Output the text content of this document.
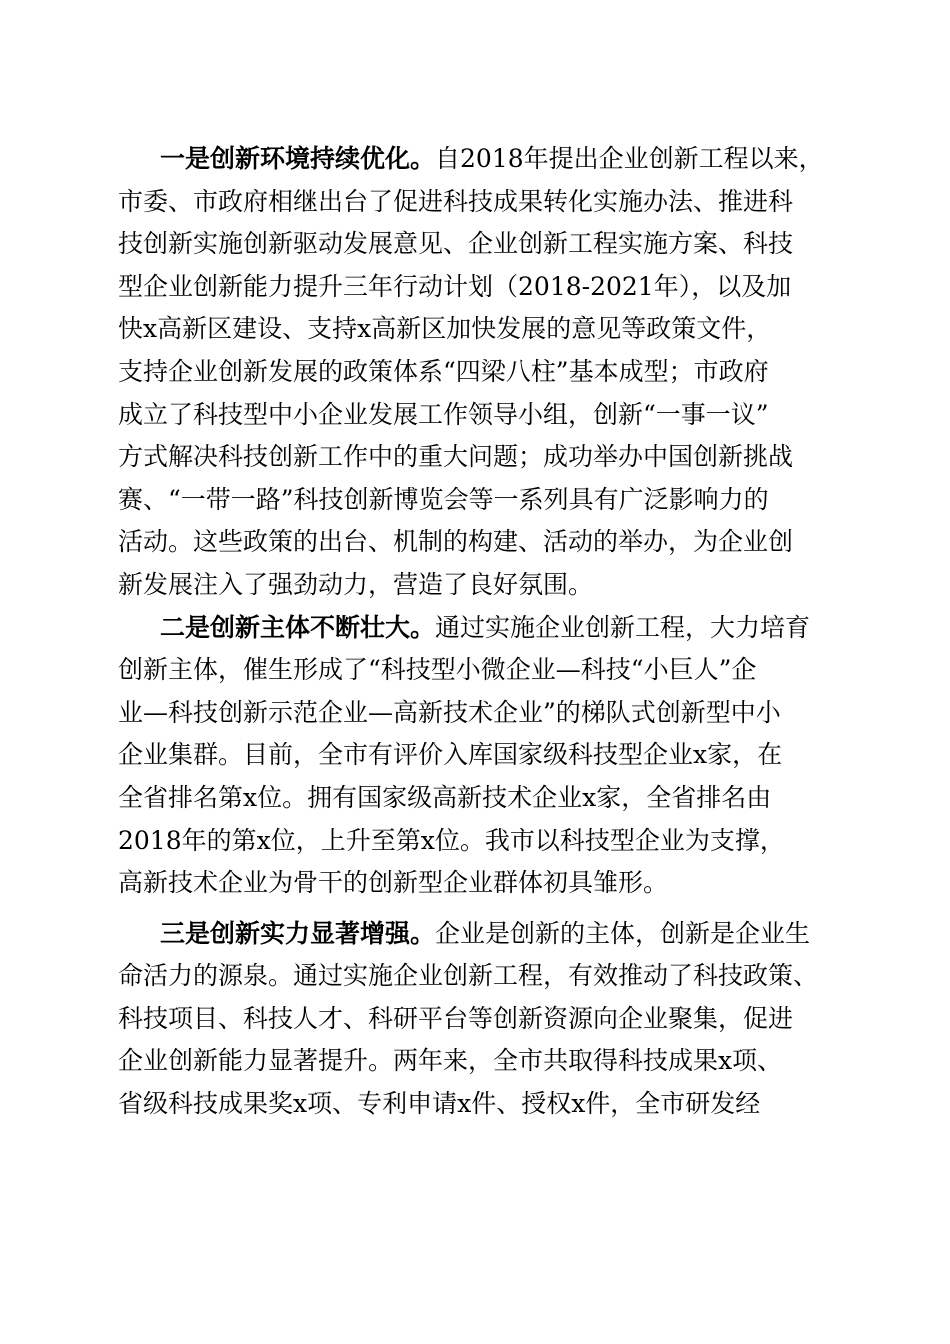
一是创新环境持续优化。自2018年提出企业创新工程以来，
市委、市政府相继出台了促进科技成果转化实施办法、推进科
技创新实施创新驱动发展意见、企业创新工程实施方案、科技
型企业创新能力提升三年行动计划（2018-2021年），以及加
快x高新区建设、支持x高新区加快发展的意见等政策文件，
支持企业创新发展的政策体系“四梁八柱”基本成型；市政府
成立了科技型中小企业发展工作领导小组，创新“一事一议”
方式解决科技创新工作中的重大问题；成功举办中国创新挑战
赛、“一带一路”科技创新博览会等一系列具有广泛影响力的
活动。这些政策的出台、机制的构建、活动的举办，为企业创
新发展注入了强劲动力，营造了良好氛围。
二是创新主体不断壮大。通过实施企业创新工程，大力培育
创新主体，催生形成了“科技型小微企业—科技“小巨人”企
业—科技创新示范企业—高新技术企业”的梯队式创新型中小
企业集群。目前，全市有评价入库国家级科技型企业x家，在
全省排名第x位。拥有国家级高新技术企业x家，全省排名由
2018年的第x位，上升至第x位。我市以科技型企业为支撑，
高新技术企业为骨干的创新型企业群体初具雏形。
三是创新实力显著增强。企业是创新的主体，创新是企业生
命活力的源泉。通过实施企业创新工程，有效推动了科技政策、
科技项目、科技人才、科研平台等创新资源向企业聚集，促进
企业创新能力显著提升。两年来，全市共取得科技成果x项、
省级科技成果奖x项、专利申请x件、授权x件，全市研发经
